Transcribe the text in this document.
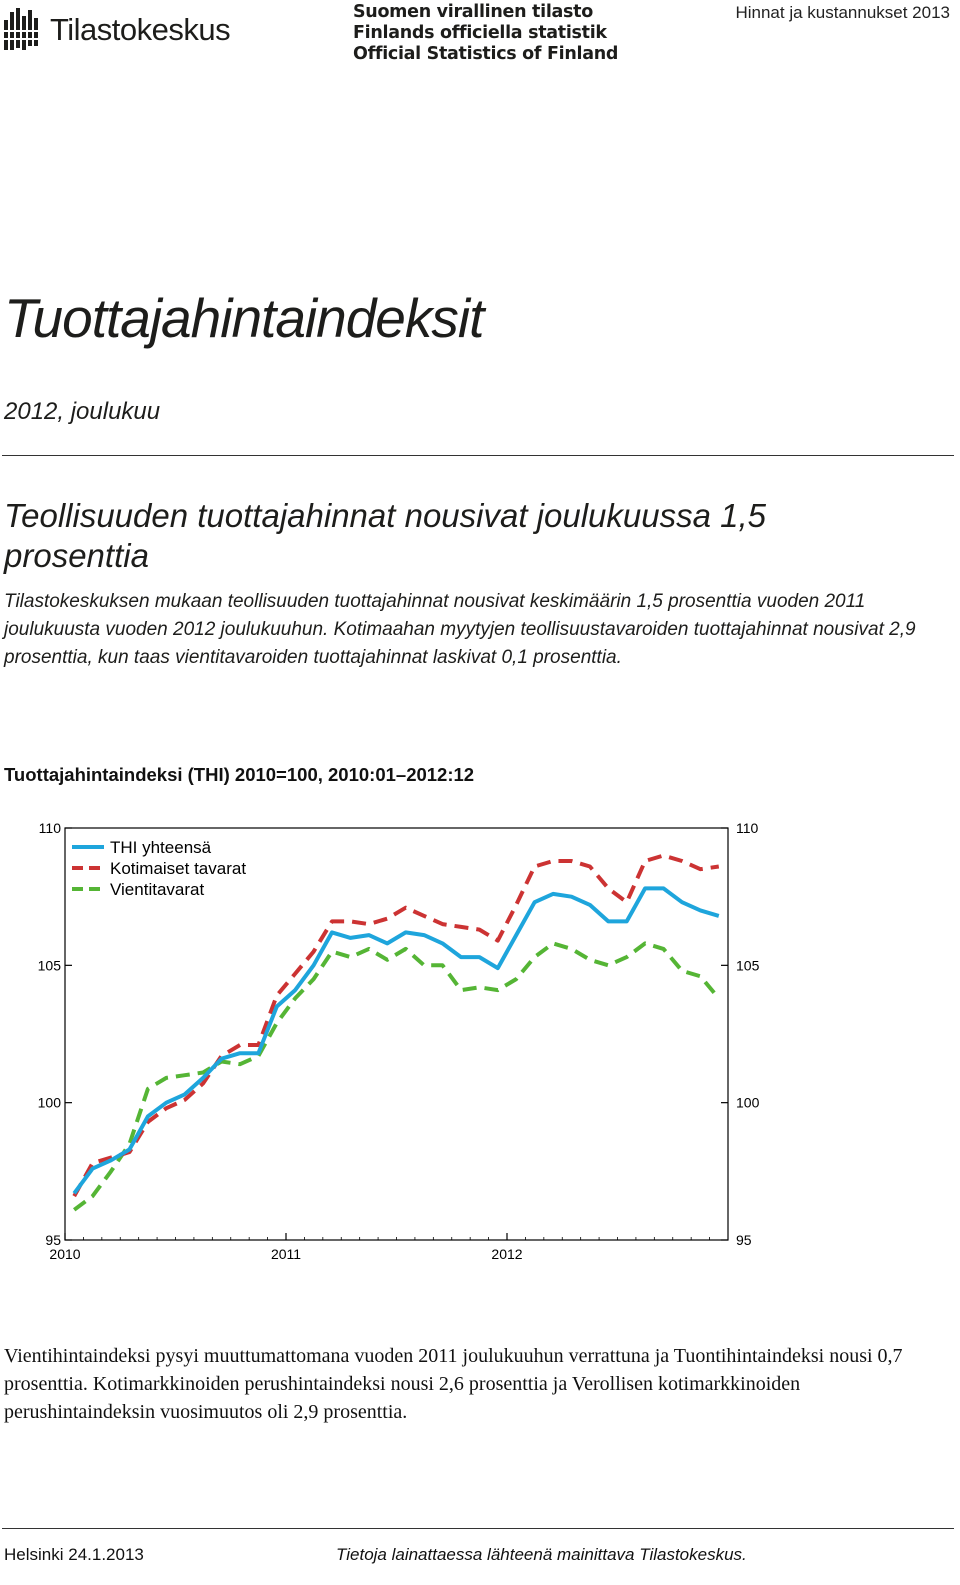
Tilastokeskus	Suomen virallinen tilasto
Finlands officiella statistik
Official Statistics of Finland
Hinnat ja kustannukset 2013
Tuottajahintaindeksit
2012, joulukuu
Teollisuuden tuottajahinnat nousivat joulukuussa 1,5 prosenttia
Tilastokeskuksen mukaan teollisuuden tuottajahinnat nousivat keskimäärin 1,5 prosenttia vuoden 2011 joulukuusta vuoden 2012 joulukuuhun. Kotimaahan myytyjen teollisuustavaroiden tuottajahinnat nousivat 2,9 prosenttia, kun taas vientitavaroiden tuottajahinnat laskivat 0,1 prosenttia.
Tuottajahintaindeksi (THI) 2010=100, 2010:01–2012:12
95	95
100	100
105	105
110	110
2010	2011	2012
THI yhteensä
Kotimaiset tavarat
Vientitavarat
Vientihintaindeksi pysyi muuttumattomana vuoden 2011 joulukuuhun verrattuna ja Tuontihintaindeksi nousi 0,7 prosenttia. Kotimarkkinoiden perushintaindeksi nousi 2,6 prosenttia ja Verollisen kotimarkkinoiden perushintaindeksin vuosimuutos oli 2,9 prosenttia.
Helsinki 24.1.2013	Tietoja lainattaessa lähteenä mainittava Tilastokeskus.
